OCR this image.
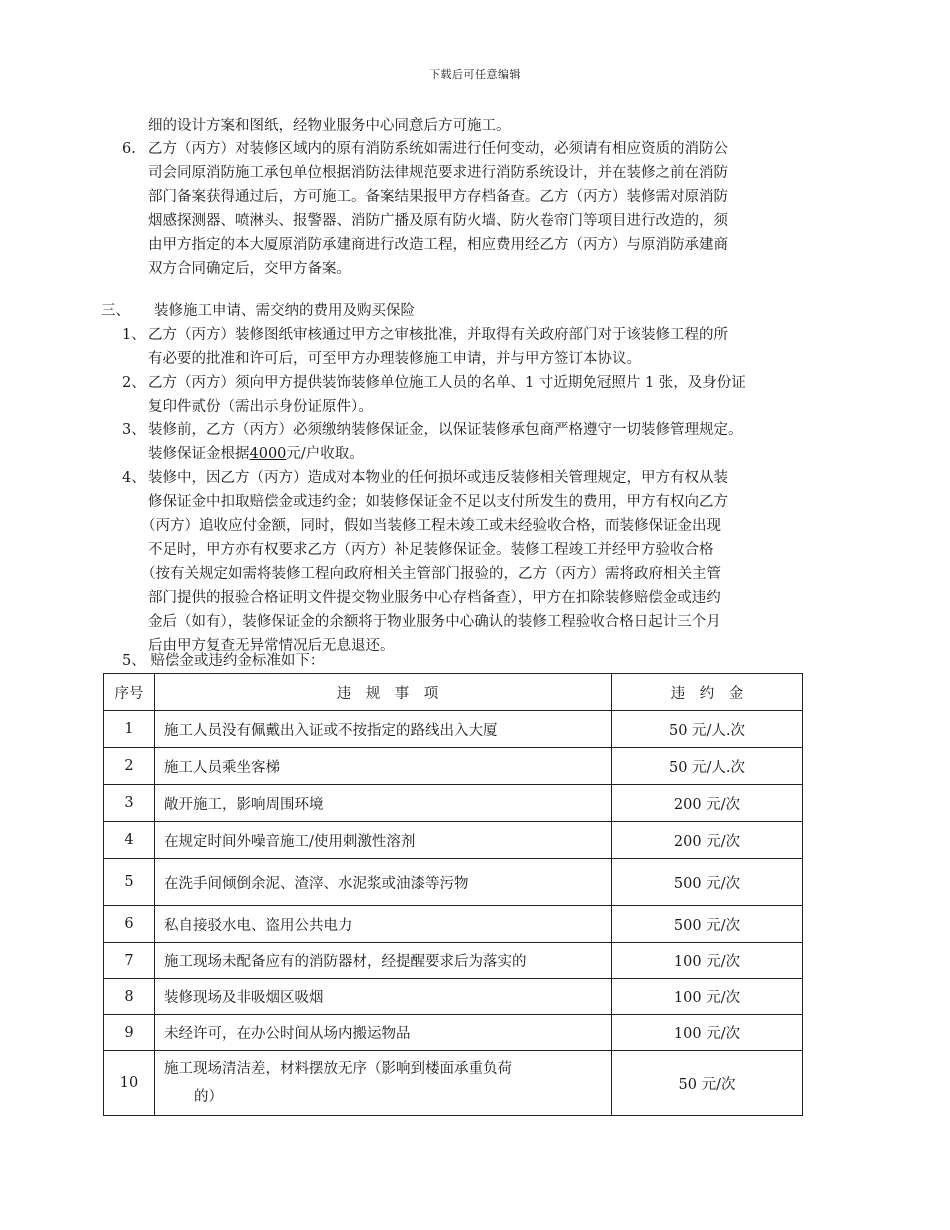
下载后可任意编辑
细的设计方案和图纸，经物业服务中心同意后方可施工。
6. 乙方（丙方）对装修区域内的原有消防系统如需进行任何变动，必须请有相应资质的消防公
司会同原消防施工承包单位根据消防法律规范要求进行消防系统设计，并在装修之前在消防
部门备案获得通过后，方可施工。备案结果报甲方存档备查。乙方（丙方）装修需对原消防
烟感探测器、喷淋头、报警器、消防广播及原有防火墙、防火卷帘门等项目进行改造的，须
由甲方指定的本大厦原消防承建商进行改造工程，相应费用经乙方（丙方）与原消防承建商
双方合同确定后，交甲方备案。
三、 装修施工申请、需交纳的费用及购买保险
1、 乙方（丙方）装修图纸审核通过甲方之审核批准，并取得有关政府部门对于该装修工程的所
有必要的批准和许可后，可至甲方办理装修施工申请，并与甲方签订本协议。
2、 乙方（丙方）须向甲方提供装饰装修单位施工人员的名单、1 寸近期免冠照片 1 张，及身份证
复印件贰份（需出示身份证原件）。
3、 装修前，乙方（丙方）必须缴纳装修保证金，以保证装修承包商严格遵守一切装修管理规定。
装修保证金根据4000元/户收取。
4、 装修中，因乙方（丙方）造成对本物业的任何损坏或违反装修相关管理规定，甲方有权从装
修保证金中扣取赔偿金或违约金；如装修保证金不足以支付所发生的费用，甲方有权向乙方
（丙方）追收应付金额，同时，假如当装修工程未竣工或未经验收合格，而装修保证金出现
不足时，甲方亦有权要求乙方（丙方）补足装修保证金。装修工程竣工并经甲方验收合格
（按有关规定如需将装修工程向政府相关主管部门报验的，乙方（丙方）需将政府相关主管
部门提供的报验合格证明文件提交物业服务中心存档备查），甲方在扣除装修赔偿金或违约
金后（如有），装修保证金的余额将于物业服务中心确认的装修工程验收合格日起计三个月
后由甲方复查无异常情况后无息退还。
5、 赔偿金或违约金标准如下：
序号	违　规　事　项	违　约　金
1	施工人员没有佩戴出入证或不按指定的路线出入大厦	50 元/人.次
2	施工人员乘坐客梯	50 元/人.次
3	敞开施工，影响周围环境	200 元/次
4	在规定时间外噪音施工/使用刺激性溶剂	200 元/次
5	在洗手间倾倒余泥、渣滓、水泥浆或油漆等污物	500 元/次
6	私自接驳水电、盗用公共电力	500 元/次
7	施工现场未配备应有的消防器材，经提醒要求后为落实的	100 元/次
8	装修现场及非吸烟区吸烟	100 元/次
9	未经许可，在办公时间从场内搬运物品	100 元/次
10	施工现场清洁差，材料摆放无序（影响到楼面承重负荷
的）	50 元/次
